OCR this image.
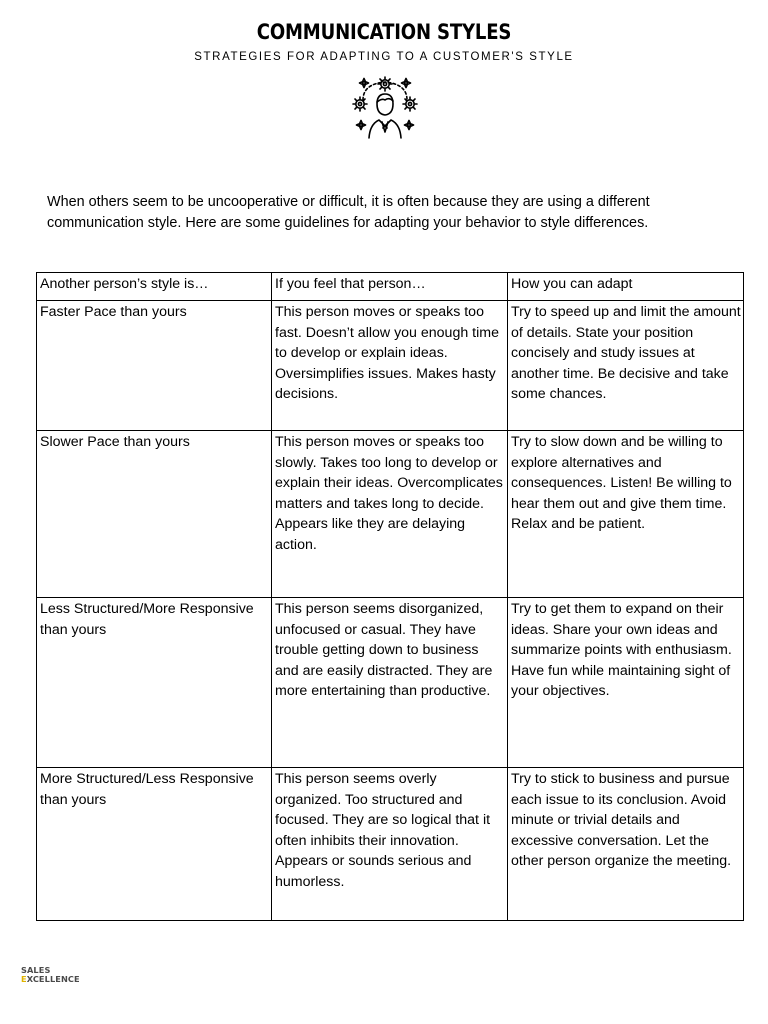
COMMUNICATION STYLES
STRATEGIES FOR ADAPTING TO A CUSTOMER'S STYLE

When others seem to be uncooperative or difficult, it is often because they are using a different communication style. Here are some guidelines for adapting your behavior to style differences.

Another person’s style is…	If you feel that person…	How you can adapt
Faster Pace than yours	This person moves or speaks too fast. Doesn’t allow you enough time to develop or explain ideas. Oversimplifies issues. Makes hasty decisions.	Try to speed up and limit the amount of details. State your position concisely and study issues at another time. Be decisive and take some chances.
Slower Pace than yours	This person moves or speaks too slowly. Takes too long to develop or explain their ideas. Overcomplicates matters and takes long to decide. Appears like they are delaying action.	Try to slow down and be willing to explore alternatives and consequences. Listen! Be willing to hear them out and give them time. Relax and be patient.
Less Structured/More Responsive than yours	This person seems disorganized, unfocused or casual. They have trouble getting down to business and are easily distracted. They are more entertaining than productive.	Try to get them to expand on their ideas. Share your own ideas and summarize points with enthusiasm. Have fun while maintaining sight of your objectives.
More Structured/Less Responsive than yours	This person seems overly organized. Too structured and focused. They are so logical that it often inhibits their innovation. Appears or sounds serious and humorless.	Try to stick to business and pursue each issue to its conclusion. Avoid minute or trivial details and excessive conversation. Let the other person organize the meeting.
SALES
EXCELLENCE
